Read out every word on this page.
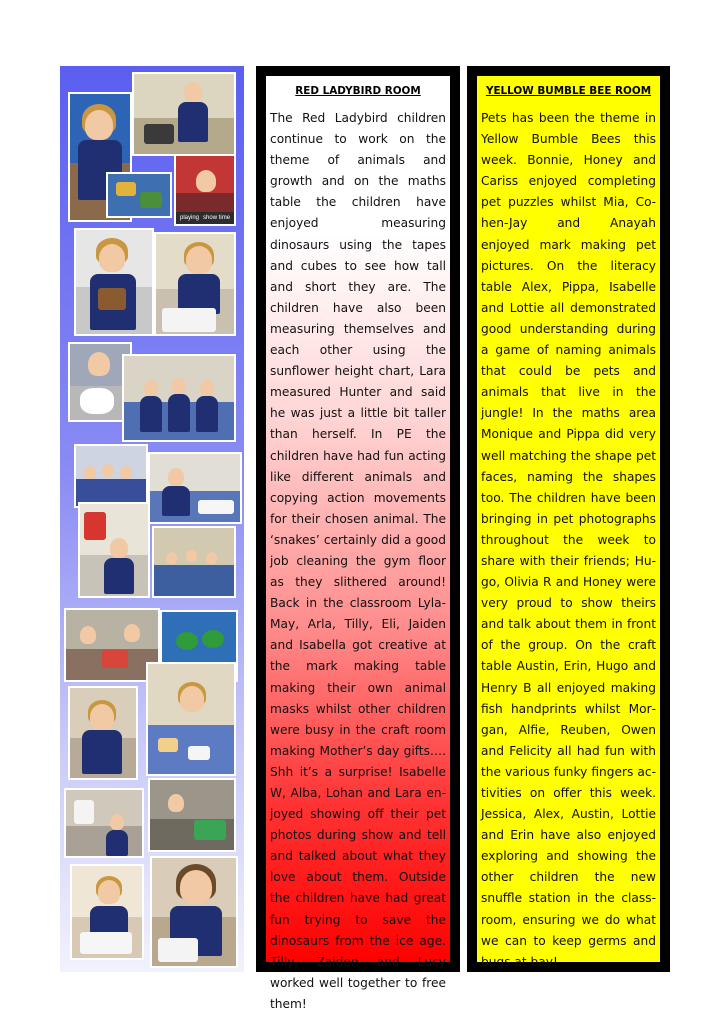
playing show time
RED LADYBIRD ROOM

The Red Ladybird children continue to work on the theme of animals and growth and on the maths table the children have enjoyed measuring dinosaurs using the tapes and cubes to see how tall and short they are. The children have also been measuring themselves and each other using the sunflower height chart, Lara measured Hunter and said he was just a little bit taller than herself. In PE the children have had fun acting like different animals and copying action movements for their chosen animal. The ‘snakes’ certainly did a good job cleaning the gym floor as they slithered around! Back in the classroom Lyla-May, Arla, Tilly, Eli, Jaiden and Isabella got creative at the mark making table making their own animal masks whilst other children were busy in the craft room making Mother’s day gifts…. Shh it’s a surprise! Isabelle W, Alba, Lohan and Lara enjoyed showing off their pet photos during show and tell and talked about what they love about them. Outside the children have had great fun trying to save the dinosaurs from the ice age. Tilly, Zaiden and Lucy worked well together to free them!

YELLOW BUMBLE BEE ROOM

Pets has been the theme in Yellow Bumble Bees this week. Bonnie, Honey and Cariss enjoyed completing pet puzzles whilst Mia, Cohen-Jay and Anayah enjoyed mark making pet pictures. On the literacy table Alex, Pippa, Isabelle and Lottie all demonstrated good understanding during a game of naming animals that could be pets and animals that live in the jungle! In the maths area Monique and Pippa did very well matching the shape pet faces, naming the shapes too. The children have been bringing in pet photographs throughout the week to share with their friends; Hugo, Olivia R and Honey were very proud to show theirs and talk about them in front of the group. On the craft table Austin, Erin, Hugo and Henry B all enjoyed making fish handprints whilst Morgan, Alfie, Reuben, Owen and Felicity all had fun with the various funky fingers activities on offer this week. Jessica, Alex, Austin, Lottie and Erin have also enjoyed exploring and showing the other children the new snuffle station in the classroom, ensuring we do what we can to keep germs and bugs at bay!
